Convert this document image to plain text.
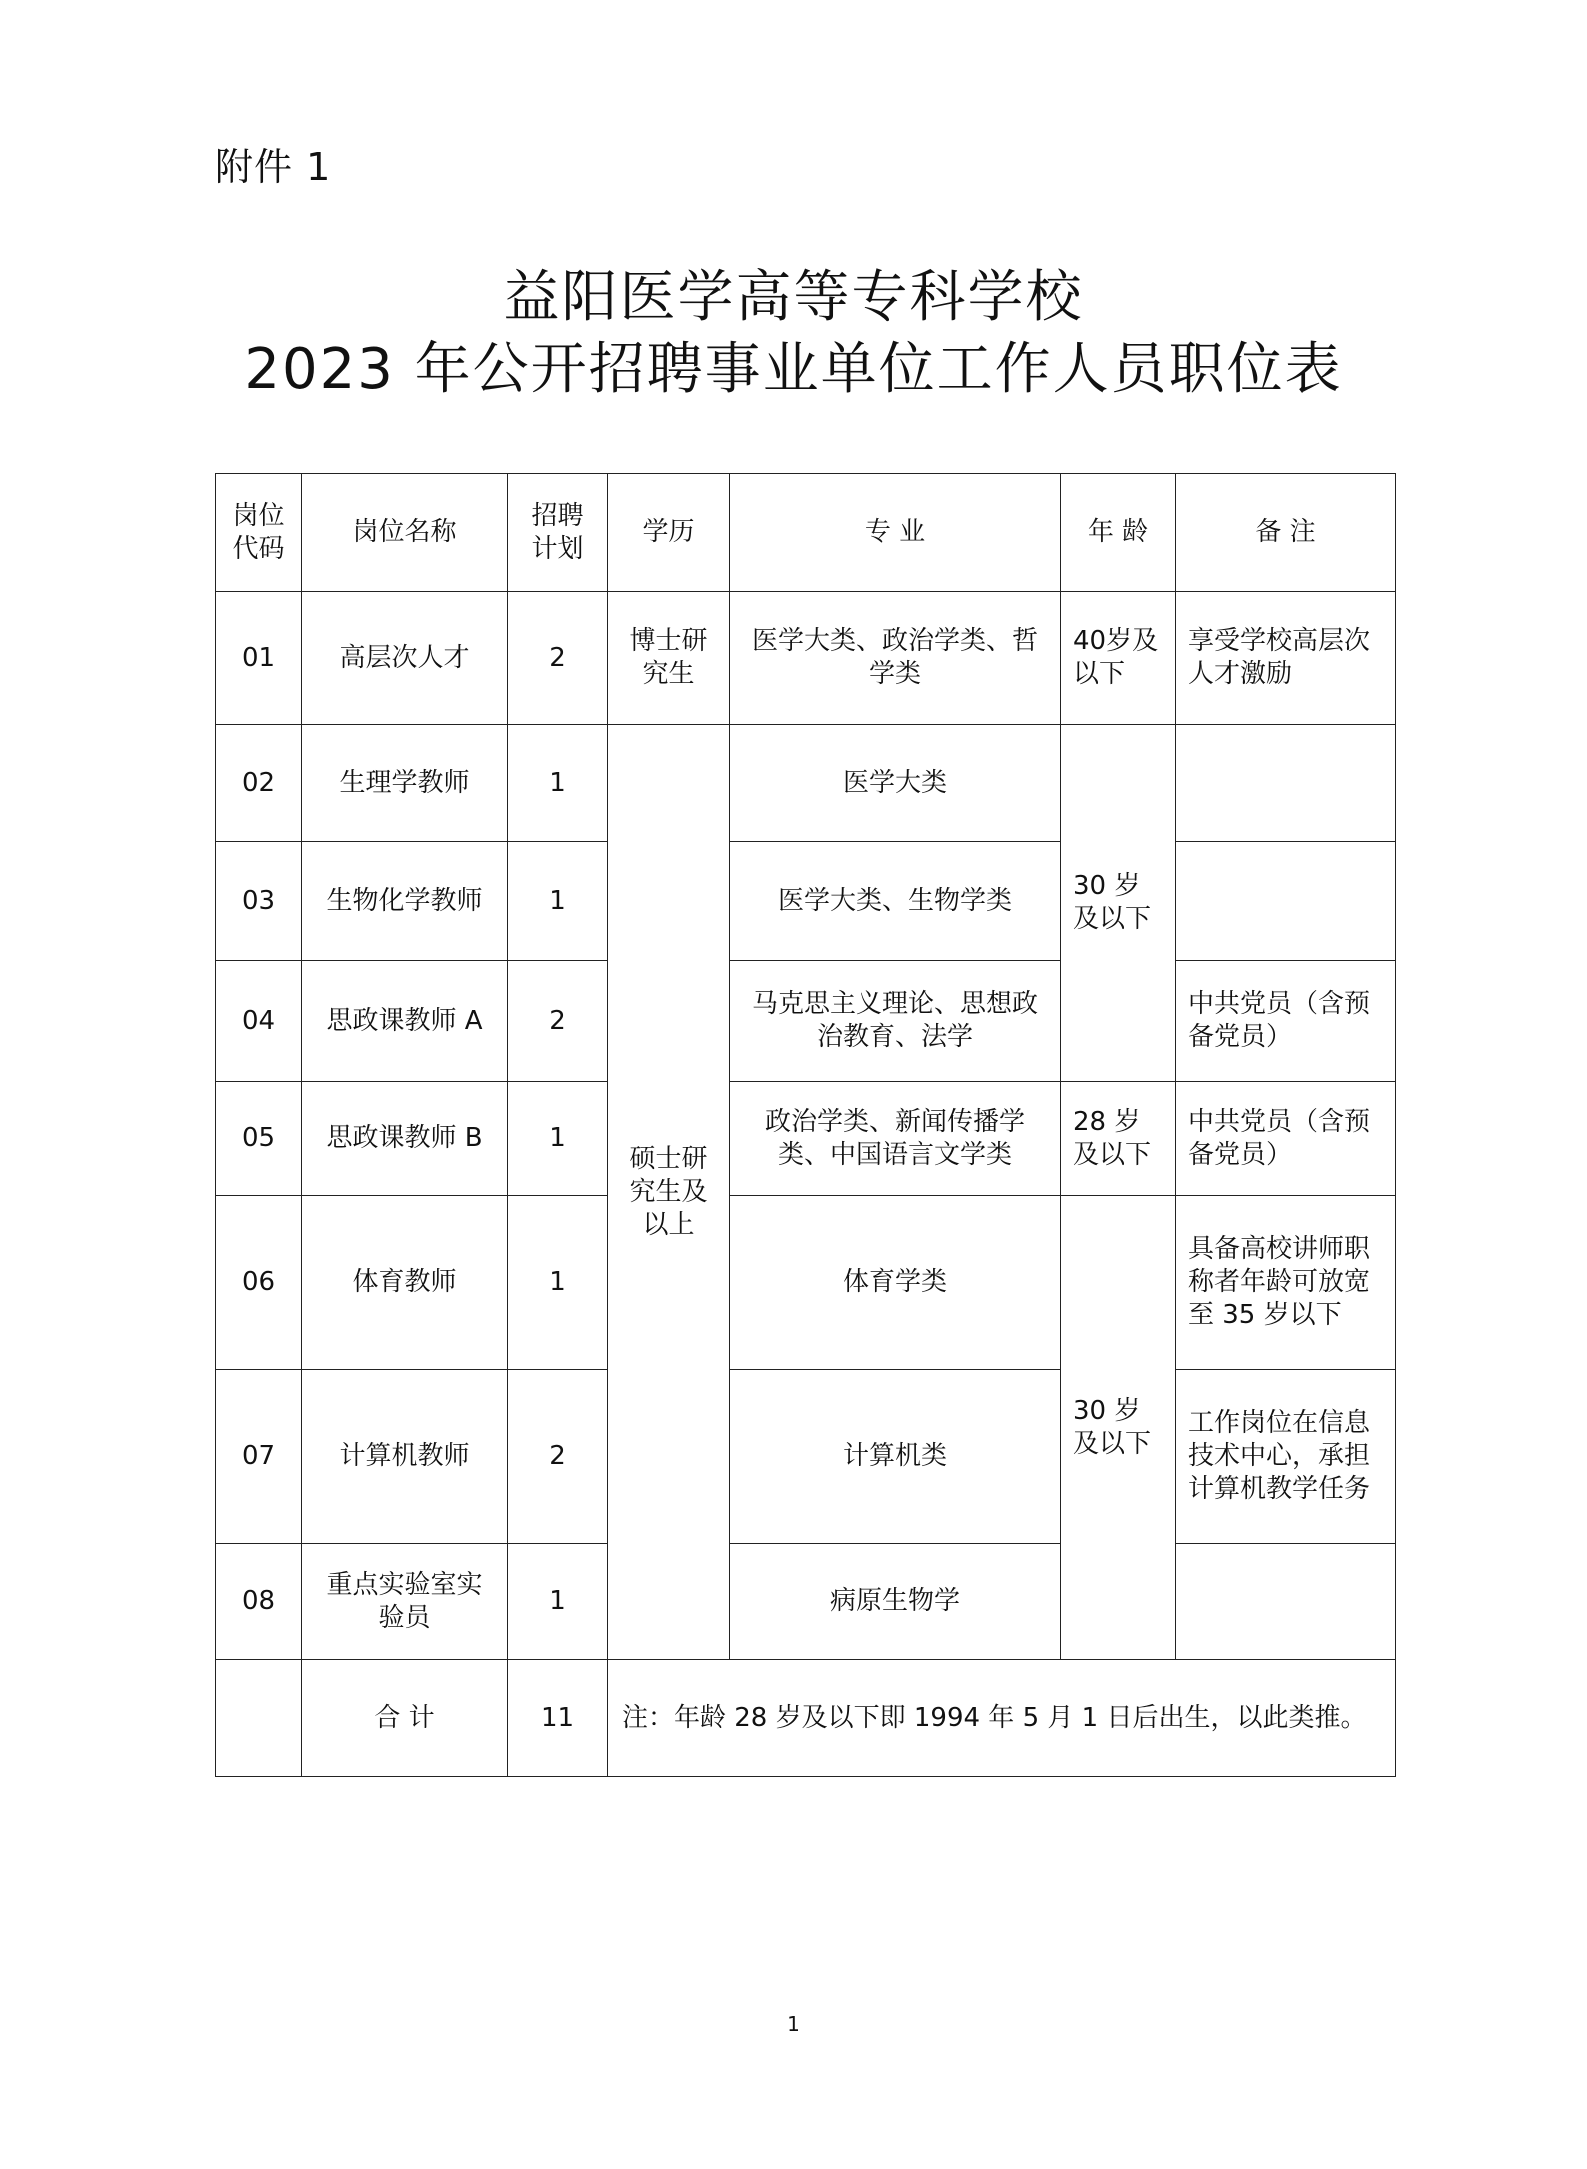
附件 1
益阳医学高等专科学校
2023 年公开招聘事业单位工作人员职位表
岗位代码	岗位名称	招聘计划	学历	专 业	年 龄	备 注
01	高层次人才	2	博士研究生	医学大类、政治学类、哲学类	40岁及以下	享受学校高层次人才激励
02	生理学教师	1	硕士研究生及以上	医学大类	30 岁及以下	
03	生物化学教师	1		医学大类、生物学类		
04	思政课教师 A	2		马克思主义理论、思想政治教育、法学		中共党员（含预备党员）
05	思政课教师 B	1		政治学类、新闻传播学类、中国语言文学类	28 岁及以下	中共党员（含预备党员）
06	体育教师	1		体育学类	30 岁及以下	具备高校讲师职称者年龄可放宽至 35 岁以下
07	计算机教师	2		计算机类		工作岗位在信息技术中心，承担计算机教学任务
08	重点实验室实验员	1		病原生物学		
	合 计	11	注：年龄 28 岁及以下即 1994 年 5 月 1 日后出生，以此类推。			
1
